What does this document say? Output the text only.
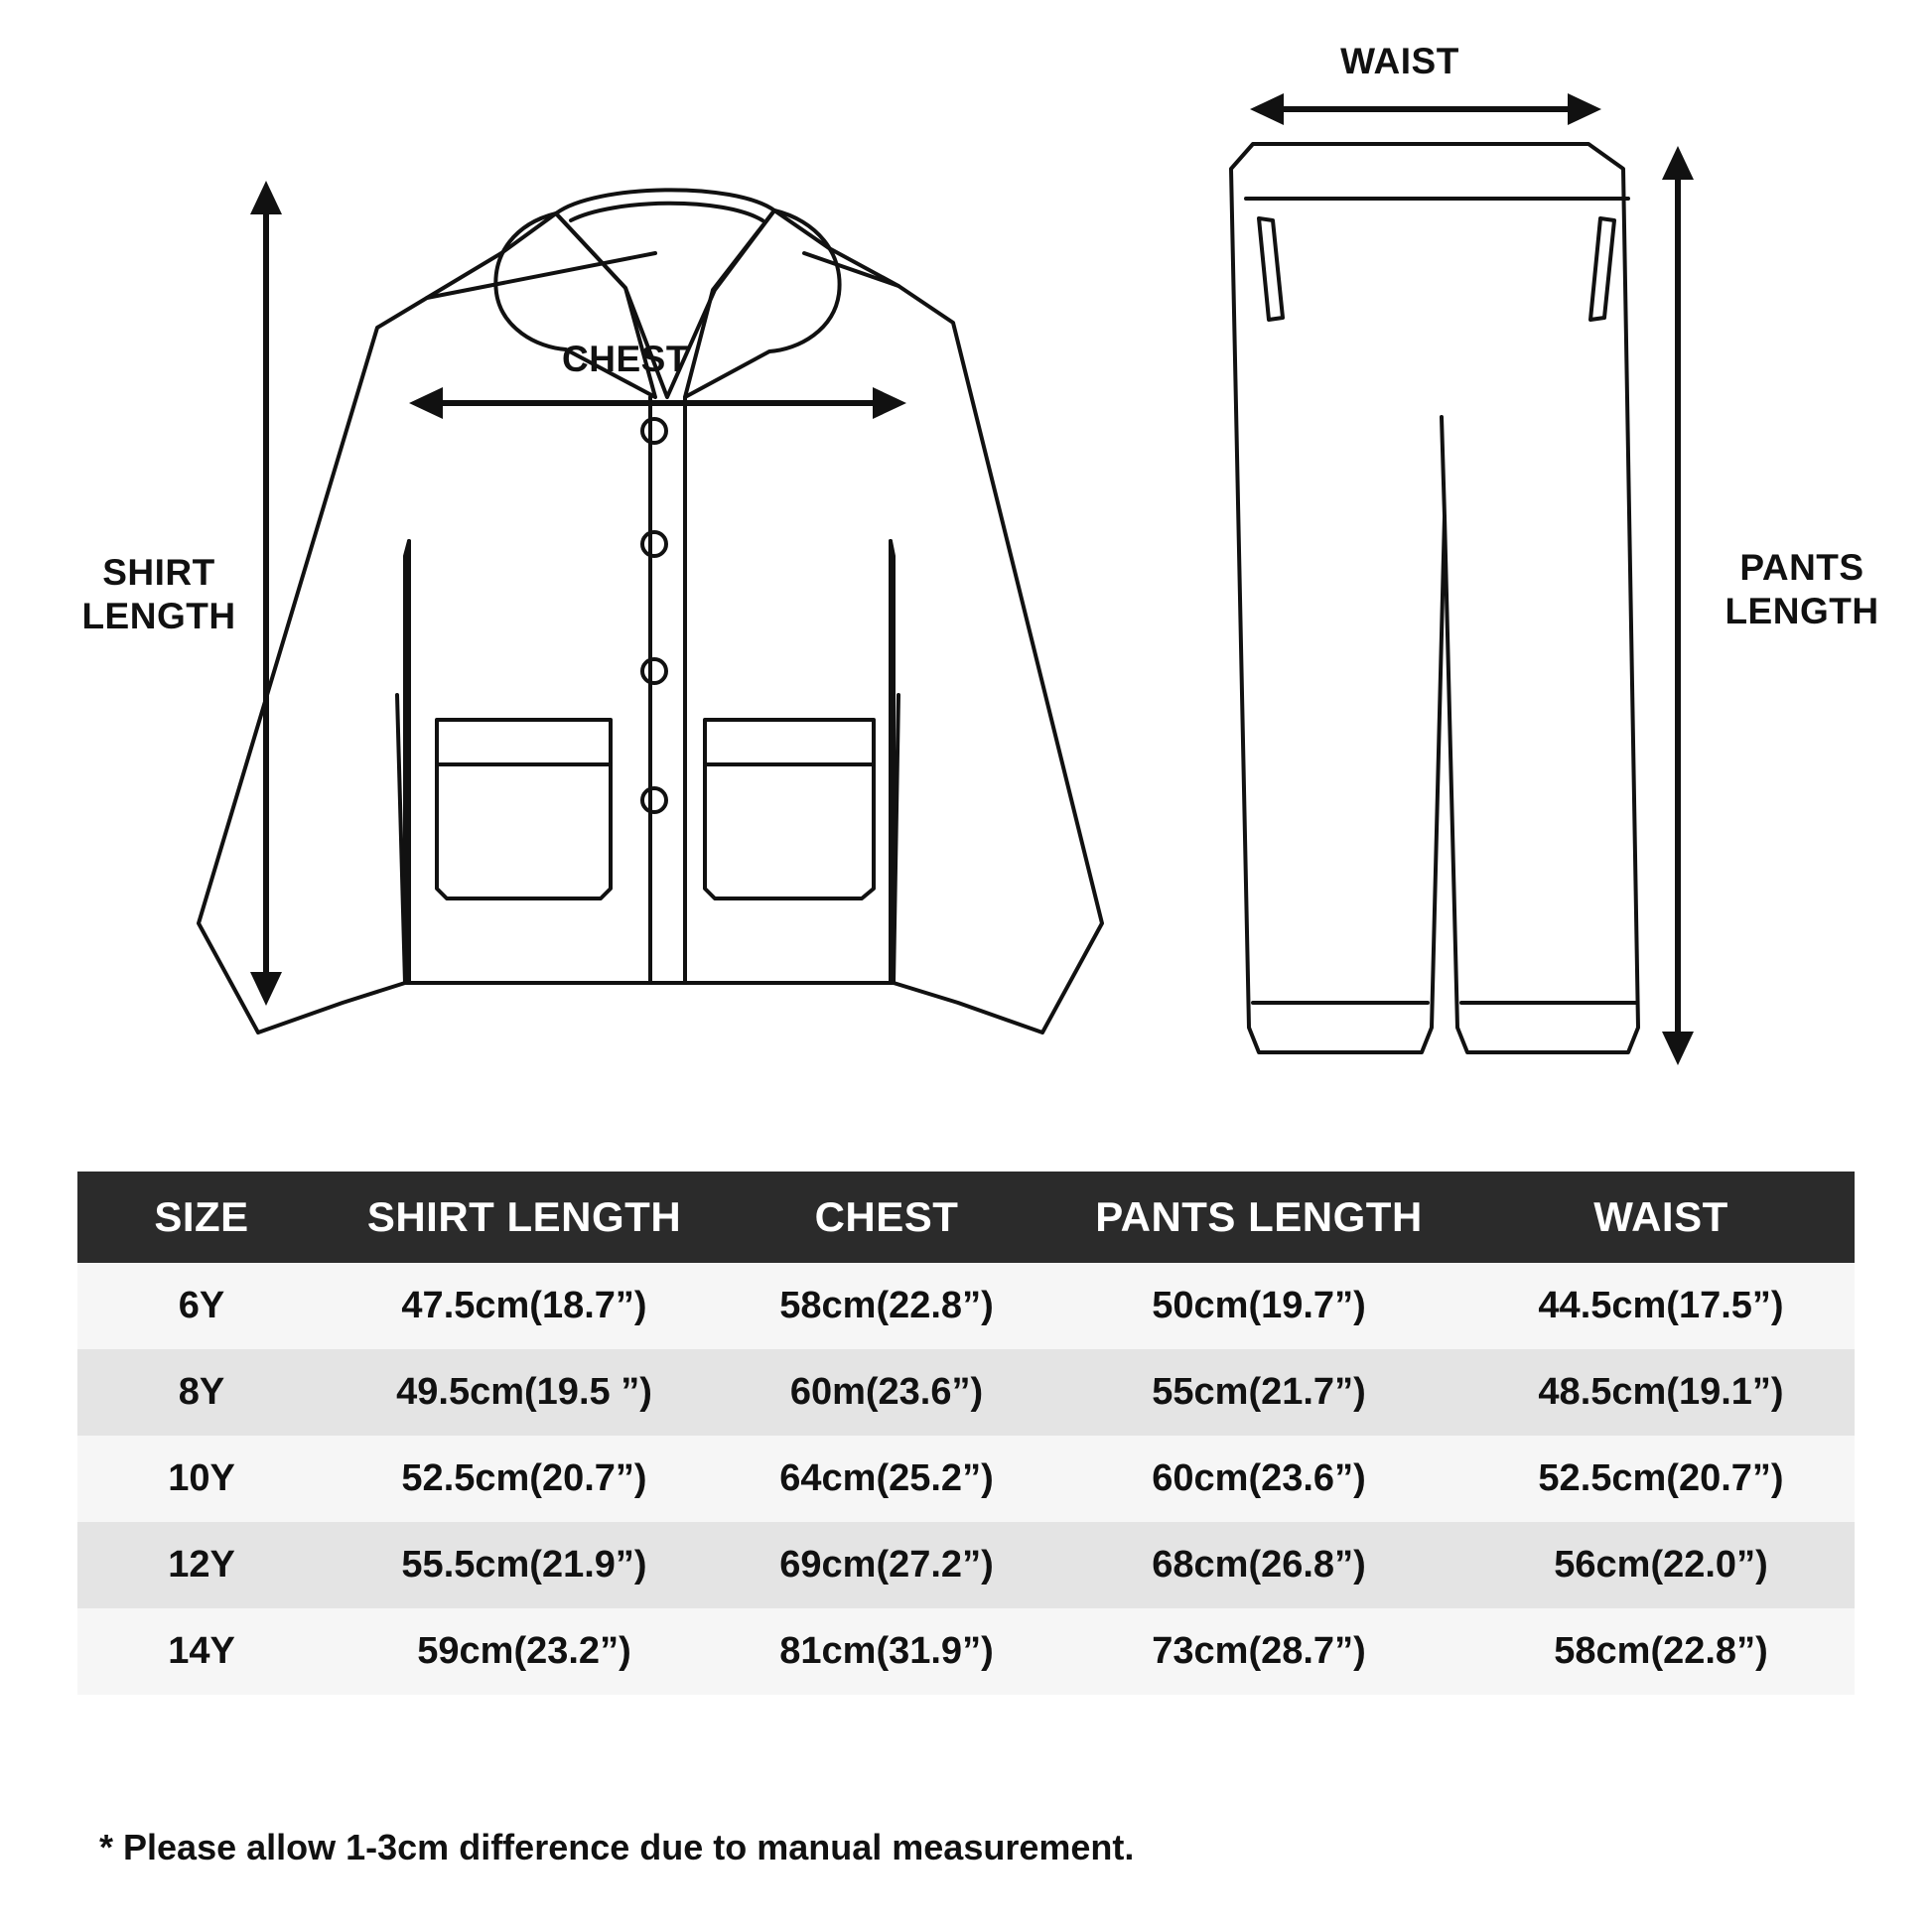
SHIRT
LENGTH
CHEST
WAIST
PANTS
LENGTH
SIZE	SHIRT LENGTH	CHEST	PANTS LENGTH	WAIST
6Y	47.5cm(18.7”)	58cm(22.8”)	50cm(19.7”)	44.5cm(17.5”)
8Y	49.5cm(19.5 ”)	60m(23.6”)	55cm(21.7”)	48.5cm(19.1”)
10Y	52.5cm(20.7”)	64cm(25.2”)	60cm(23.6”)	52.5cm(20.7”)
12Y	55.5cm(21.9”)	69cm(27.2”)	68cm(26.8”)	56cm(22.0”)
14Y	59cm(23.2”)	81cm(31.9”)	73cm(28.7”)	58cm(22.8”)
* Please allow 1-3cm difference due to manual measurement.
